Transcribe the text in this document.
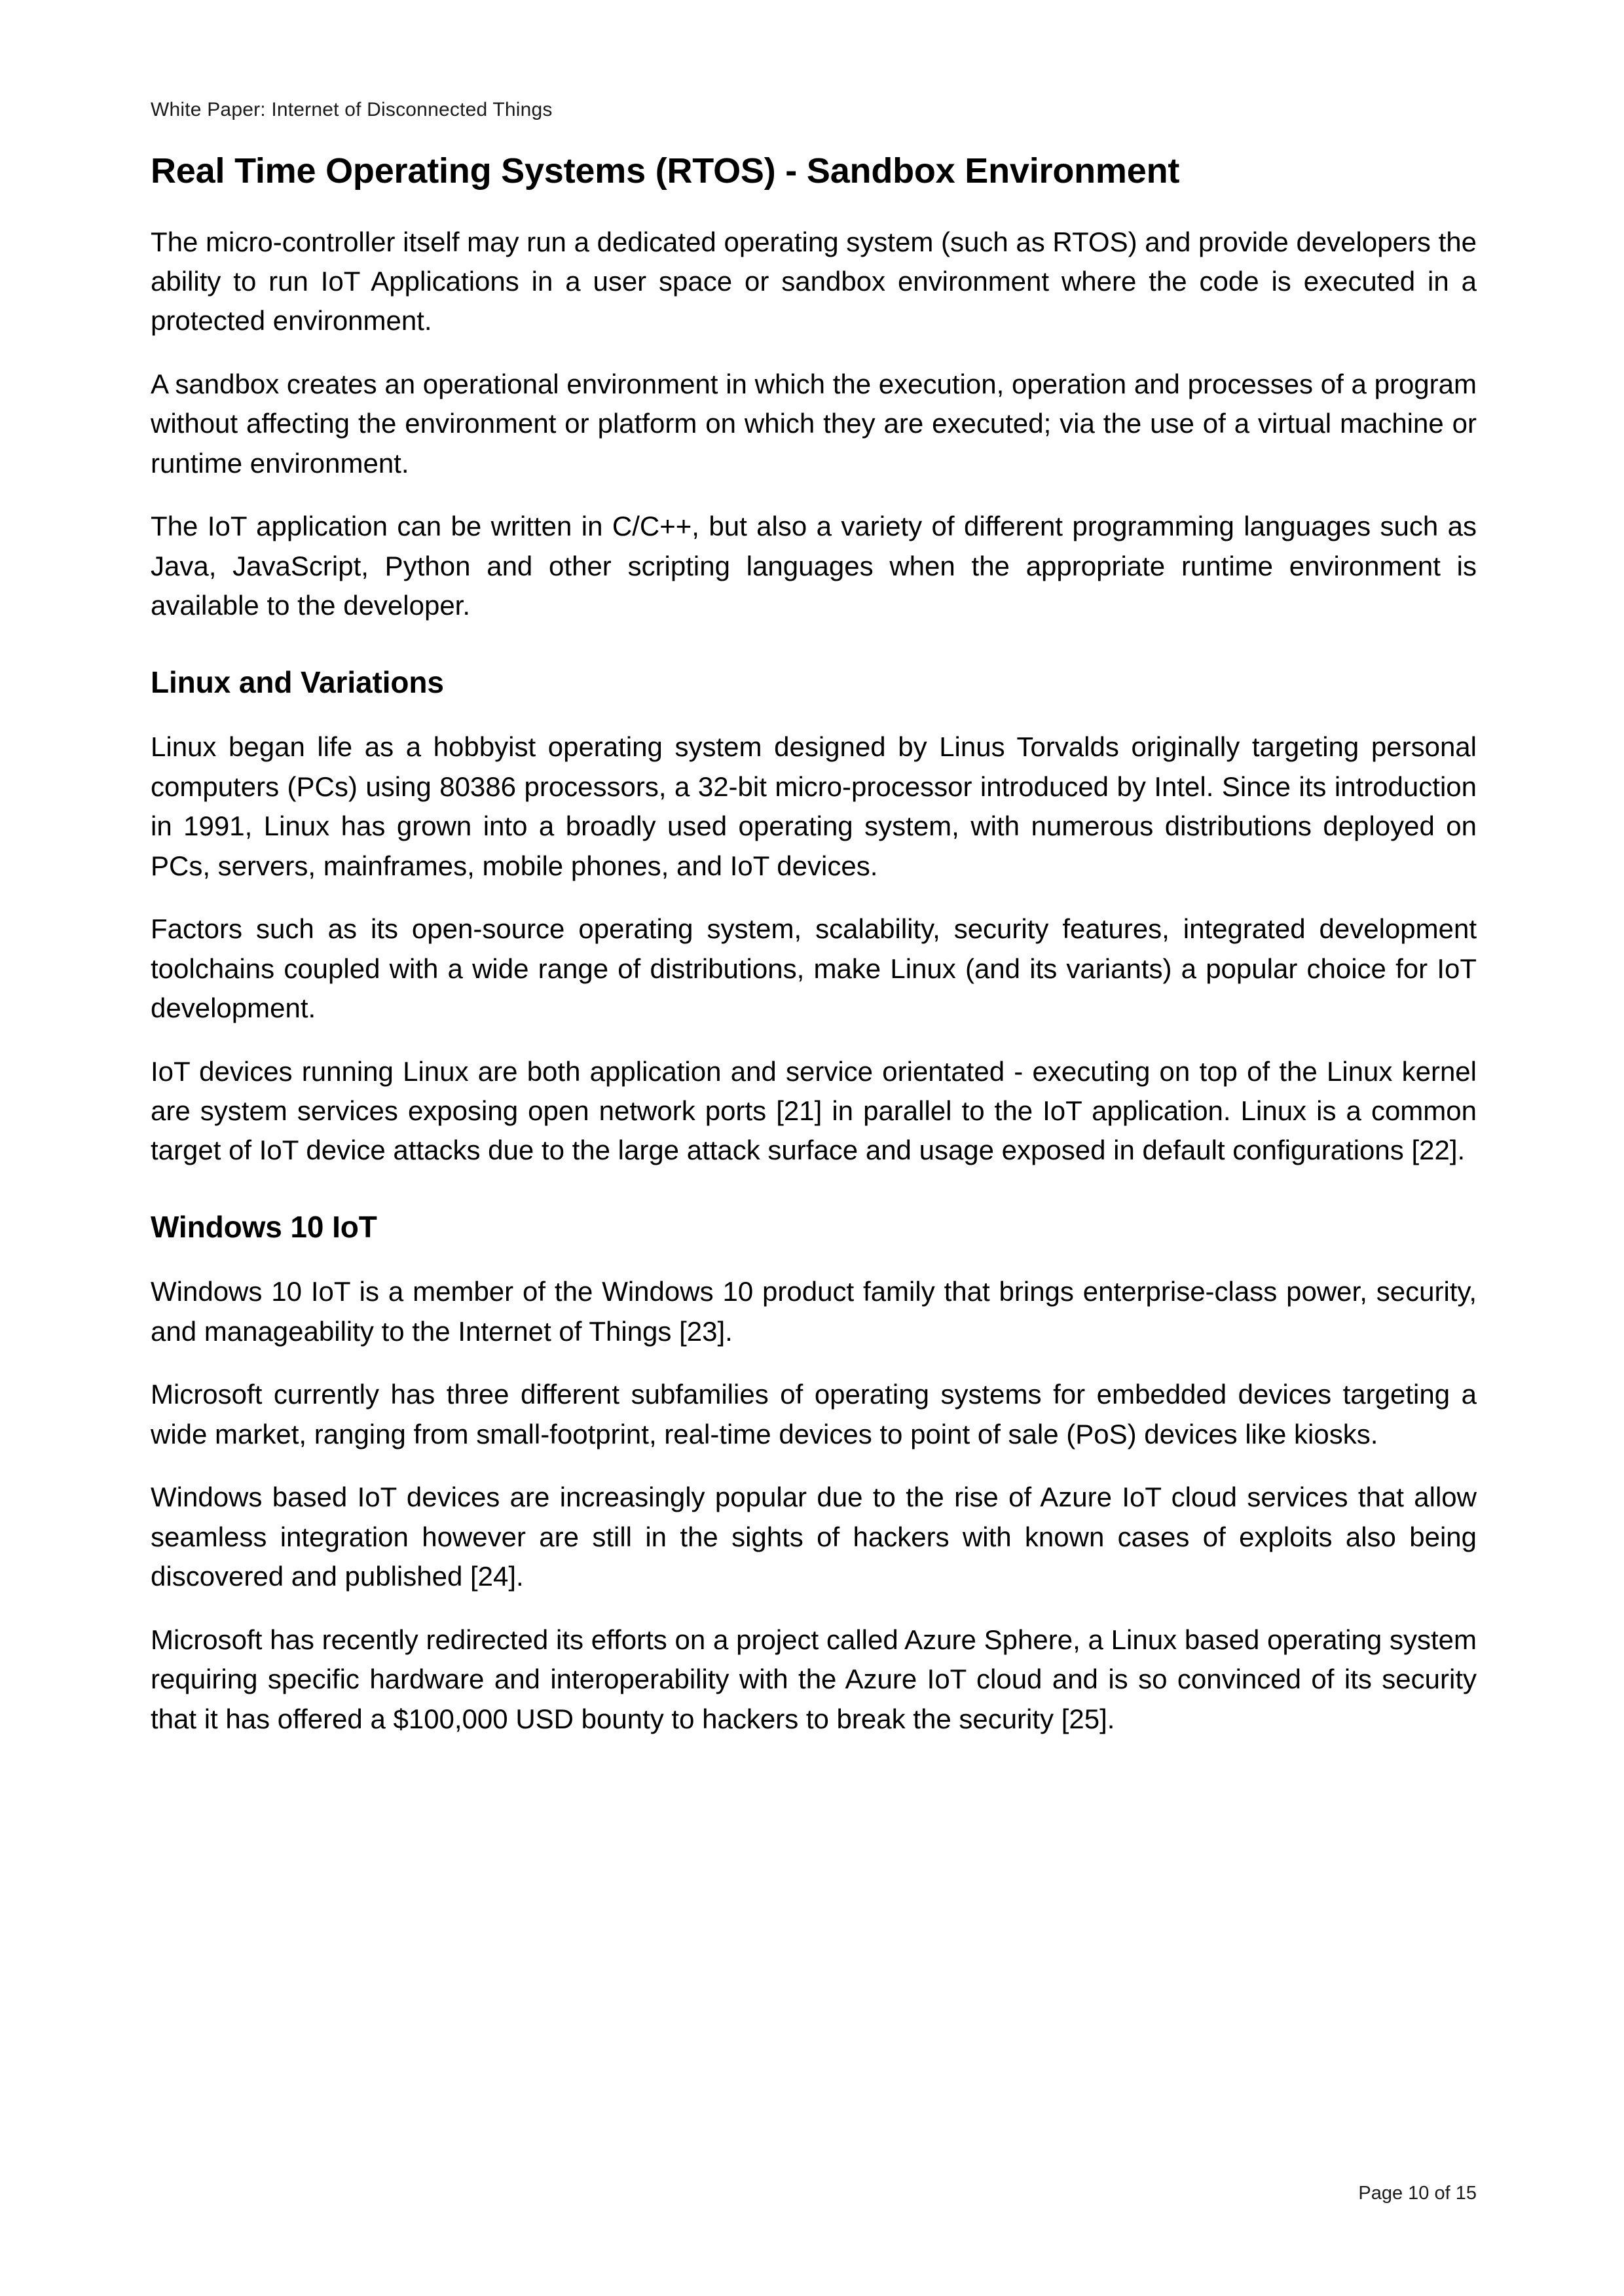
White Paper: Internet of Disconnected Things
Real Time Operating Systems (RTOS) - Sandbox Environment

The micro-controller itself may run a dedicated operating system (such as RTOS) and provide developers the ability to run IoT Applications in a user space or sandbox environment where the code is executed in a protected environment.

A sandbox creates an operational environment in which the execution, operation and processes of a program without affecting the environment or platform on which they are executed; via the use of a virtual machine or runtime environment.

The IoT application can be written in C/C++, but also a variety of different programming languages such as Java, JavaScript, Python and other scripting languages when the appropriate runtime environment is available to the developer.

Linux and Variations

Linux began life as a hobbyist operating system designed by Linus Torvalds originally targeting personal computers (PCs) using 80386 processors, a 32-bit micro-processor introduced by Intel. Since its introduction in 1991, Linux has grown into a broadly used operating system, with numerous distributions deployed on PCs, servers, mainframes, mobile phones, and IoT devices.

Factors such as its open-source operating system, scalability, security features, integrated development toolchains coupled with a wide range of distributions, make Linux (and its variants) a popular choice for IoT development.

IoT devices running Linux are both application and service orientated - executing on top of the Linux kernel are system services exposing open network ports [21] in parallel to the IoT application. Linux is a common target of IoT device attacks due to the large attack surface and usage exposed in default configurations [22].

Windows 10 IoT

Windows 10 IoT is a member of the Windows 10 product family that brings enterprise-class power, security, and manageability to the Internet of Things [23].

Microsoft currently has three different subfamilies of operating systems for embedded devices targeting a wide market, ranging from small-footprint, real-time devices to point of sale (PoS) devices like kiosks.

Windows based IoT devices are increasingly popular due to the rise of Azure IoT cloud services that allow seamless integration however are still in the sights of hackers with known cases of exploits also being discovered and published [24].

Microsoft has recently redirected its efforts on a project called Azure Sphere, a Linux based operating system requiring specific hardware and interoperability with the Azure IoT cloud and is so convinced of its security that it has offered a $100,000 USD bounty to hackers to break the security [25].

Page 10 of 15
